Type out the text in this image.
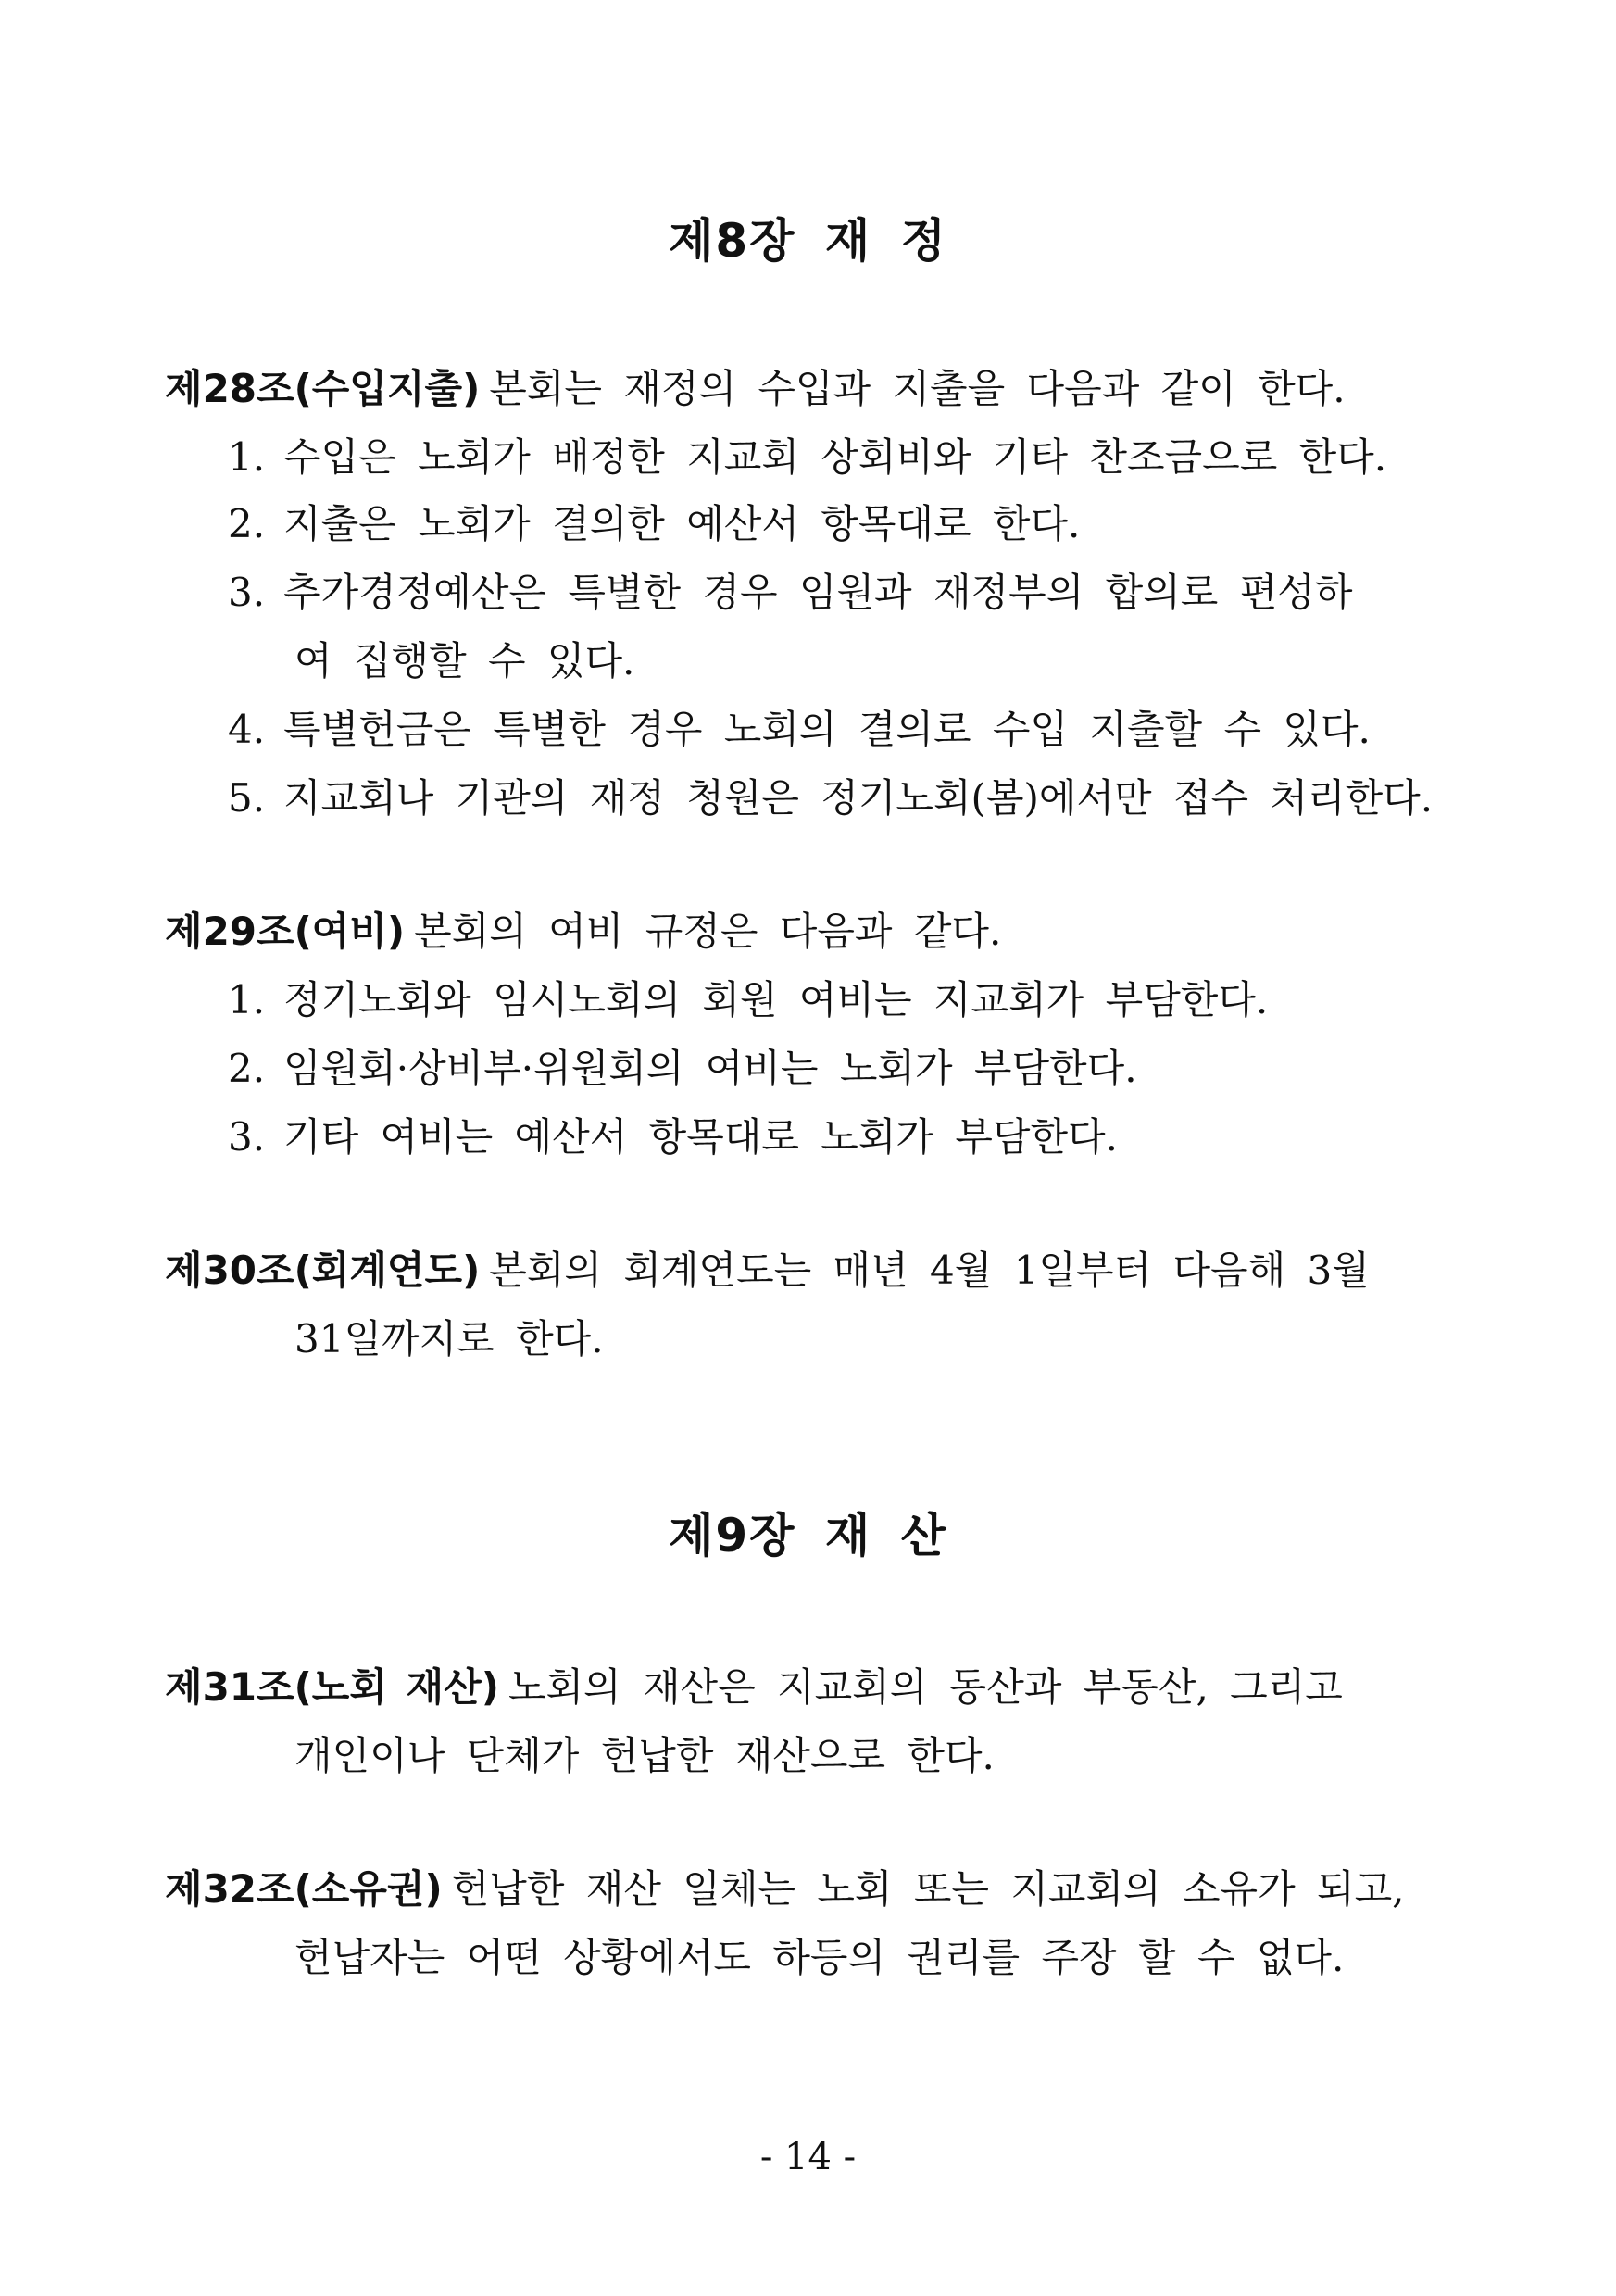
제8장 재 정
제28조(수입지출) 본회는 재정의 수입과 지출을 다음과 같이 한다.
1. 수입은 노회가 배정한 지교회 상회비와 기타 찬조금으로 한다.
2. 지출은 노회가 결의한 예산서 항목대로 한다.
3. 추가경정예산은 특별한 경우 임원과 재정부의 합의로 편성하
여 집행할 수 있다.
4. 특별헌금은 특별한 경우 노회의 결의로 수입 지출할 수 있다.
5. 지교회나 기관의 재정 청원은 정기노회(봄)에서만 접수 처리한다.
제29조(여비) 본회의 여비 규정은 다음과 같다.
1. 정기노회와 임시노회의 회원 여비는 지교회가 부담한다.
2. 임원회·상비부·위원회의 여비는 노회가 부담한다.
3. 기타 여비는 예산서 항목대로 노회가 부담한다.
제30조(회계연도) 본회의 회계연도는 매년 4월 1일부터 다음해 3월
31일까지로 한다.
제9장 재 산
제31조(노회 재산) 노회의 재산은 지교회의 동산과 부동산, 그리고
개인이나 단체가 헌납한 재산으로 한다.
제32조(소유권) 헌납한 재산 일체는 노회 또는 지교회의 소유가 되고,
헌납자는 어떤 상황에서도 하등의 권리를 주장 할 수 없다.
- 14 -
